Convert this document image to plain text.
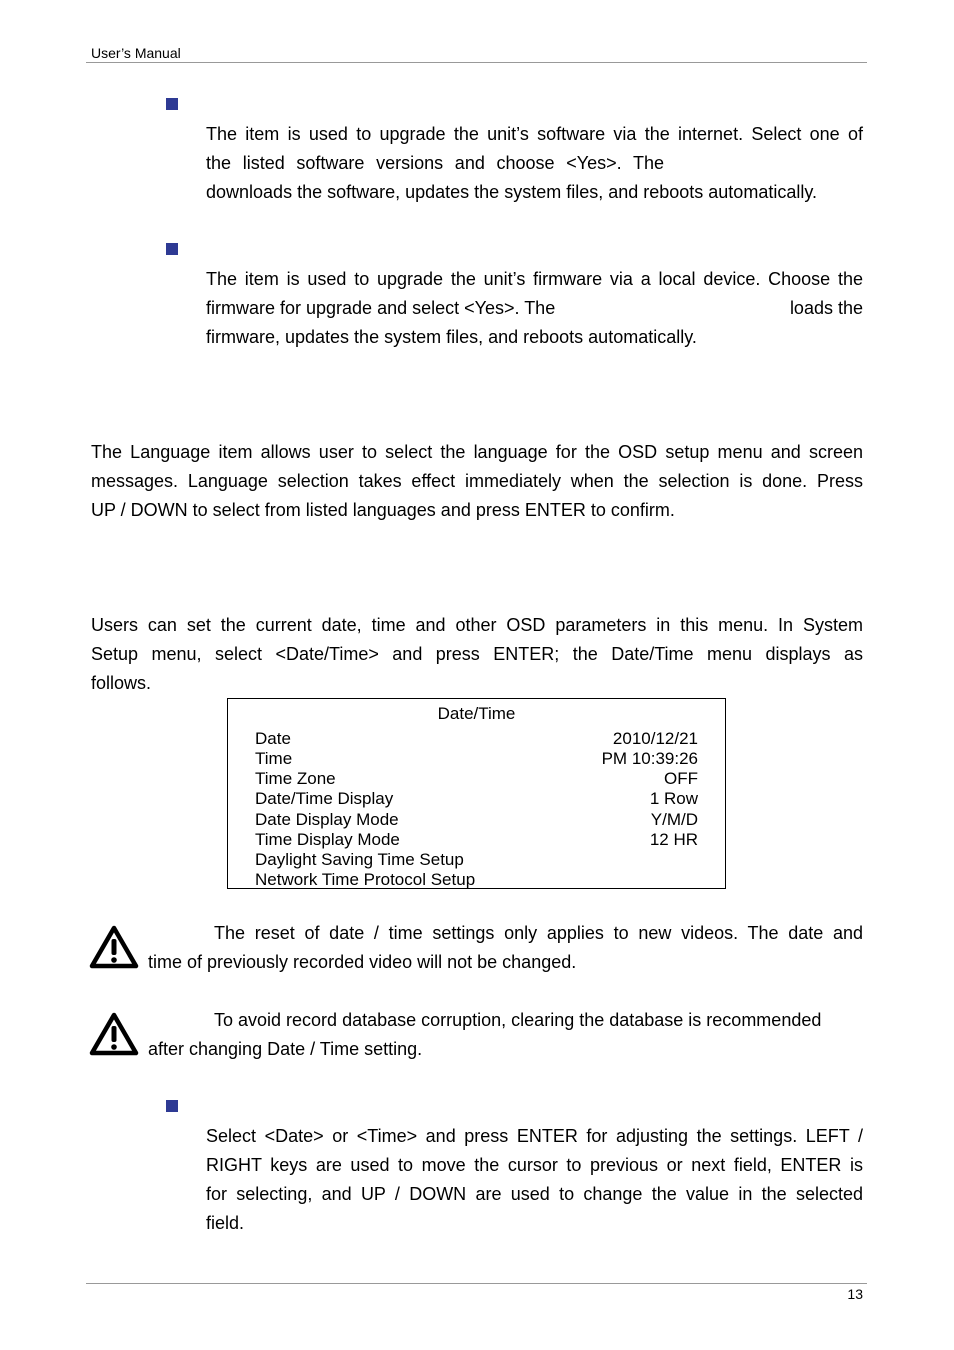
User’s Manual
The item is used to upgrade the unit’s software via the internet. Select one of
the listed software versions and choose <Yes>. The
downloads the software, updates the system files, and reboots automatically.
The item is used to upgrade the unit’s firmware via a local device. Choose the
firmware for upgrade and select <Yes>. The	loads the
firmware, updates the system files, and reboots automatically.
The Language item allows user to select the language for the OSD setup menu and screen
messages. Language selection takes effect immediately when the selection is done. Press
UP / DOWN to select from listed languages and press ENTER to confirm.
Users can set the current date, time and other OSD parameters in this menu. In System
Setup menu, select <Date/Time> and press ENTER; the Date/Time menu displays as
follows.
Date/Time
Date	2010/12/21
Time	PM 10:39:26
Time Zone	OFF
Date/Time Display	1 Row
Date Display Mode	Y/M/D
Time Display Mode	12 HR
Daylight Saving Time Setup
Network Time Protocol Setup
The reset of date / time settings only applies to new videos. The date and
time of previously recorded video will not be changed.
To avoid record database corruption, clearing the database is recommended
after changing Date / Time setting.
Select <Date> or <Time> and press ENTER for adjusting the settings. LEFT /
RIGHT keys are used to move the cursor to previous or next field, ENTER is
for selecting, and UP / DOWN are used to change the value in the selected
field.
13
